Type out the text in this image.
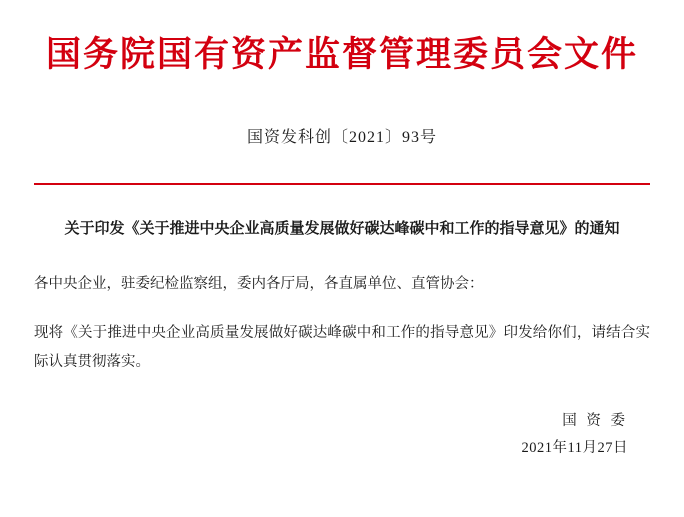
国务院国有资产监督管理委员会文件
国资发科创〔2021〕93号
关于印发《关于推进中央企业高质量发展做好碳达峰碳中和工作的指导意见》的通知
各中央企业，驻委纪检监察组，委内各厅局，各直属单位、直管协会：
现将《关于推进中央企业高质量发展做好碳达峰碳中和工作的指导意见》印发给你们，请结合实际认真贯彻落实。
国 资 委
2021年11月27日
